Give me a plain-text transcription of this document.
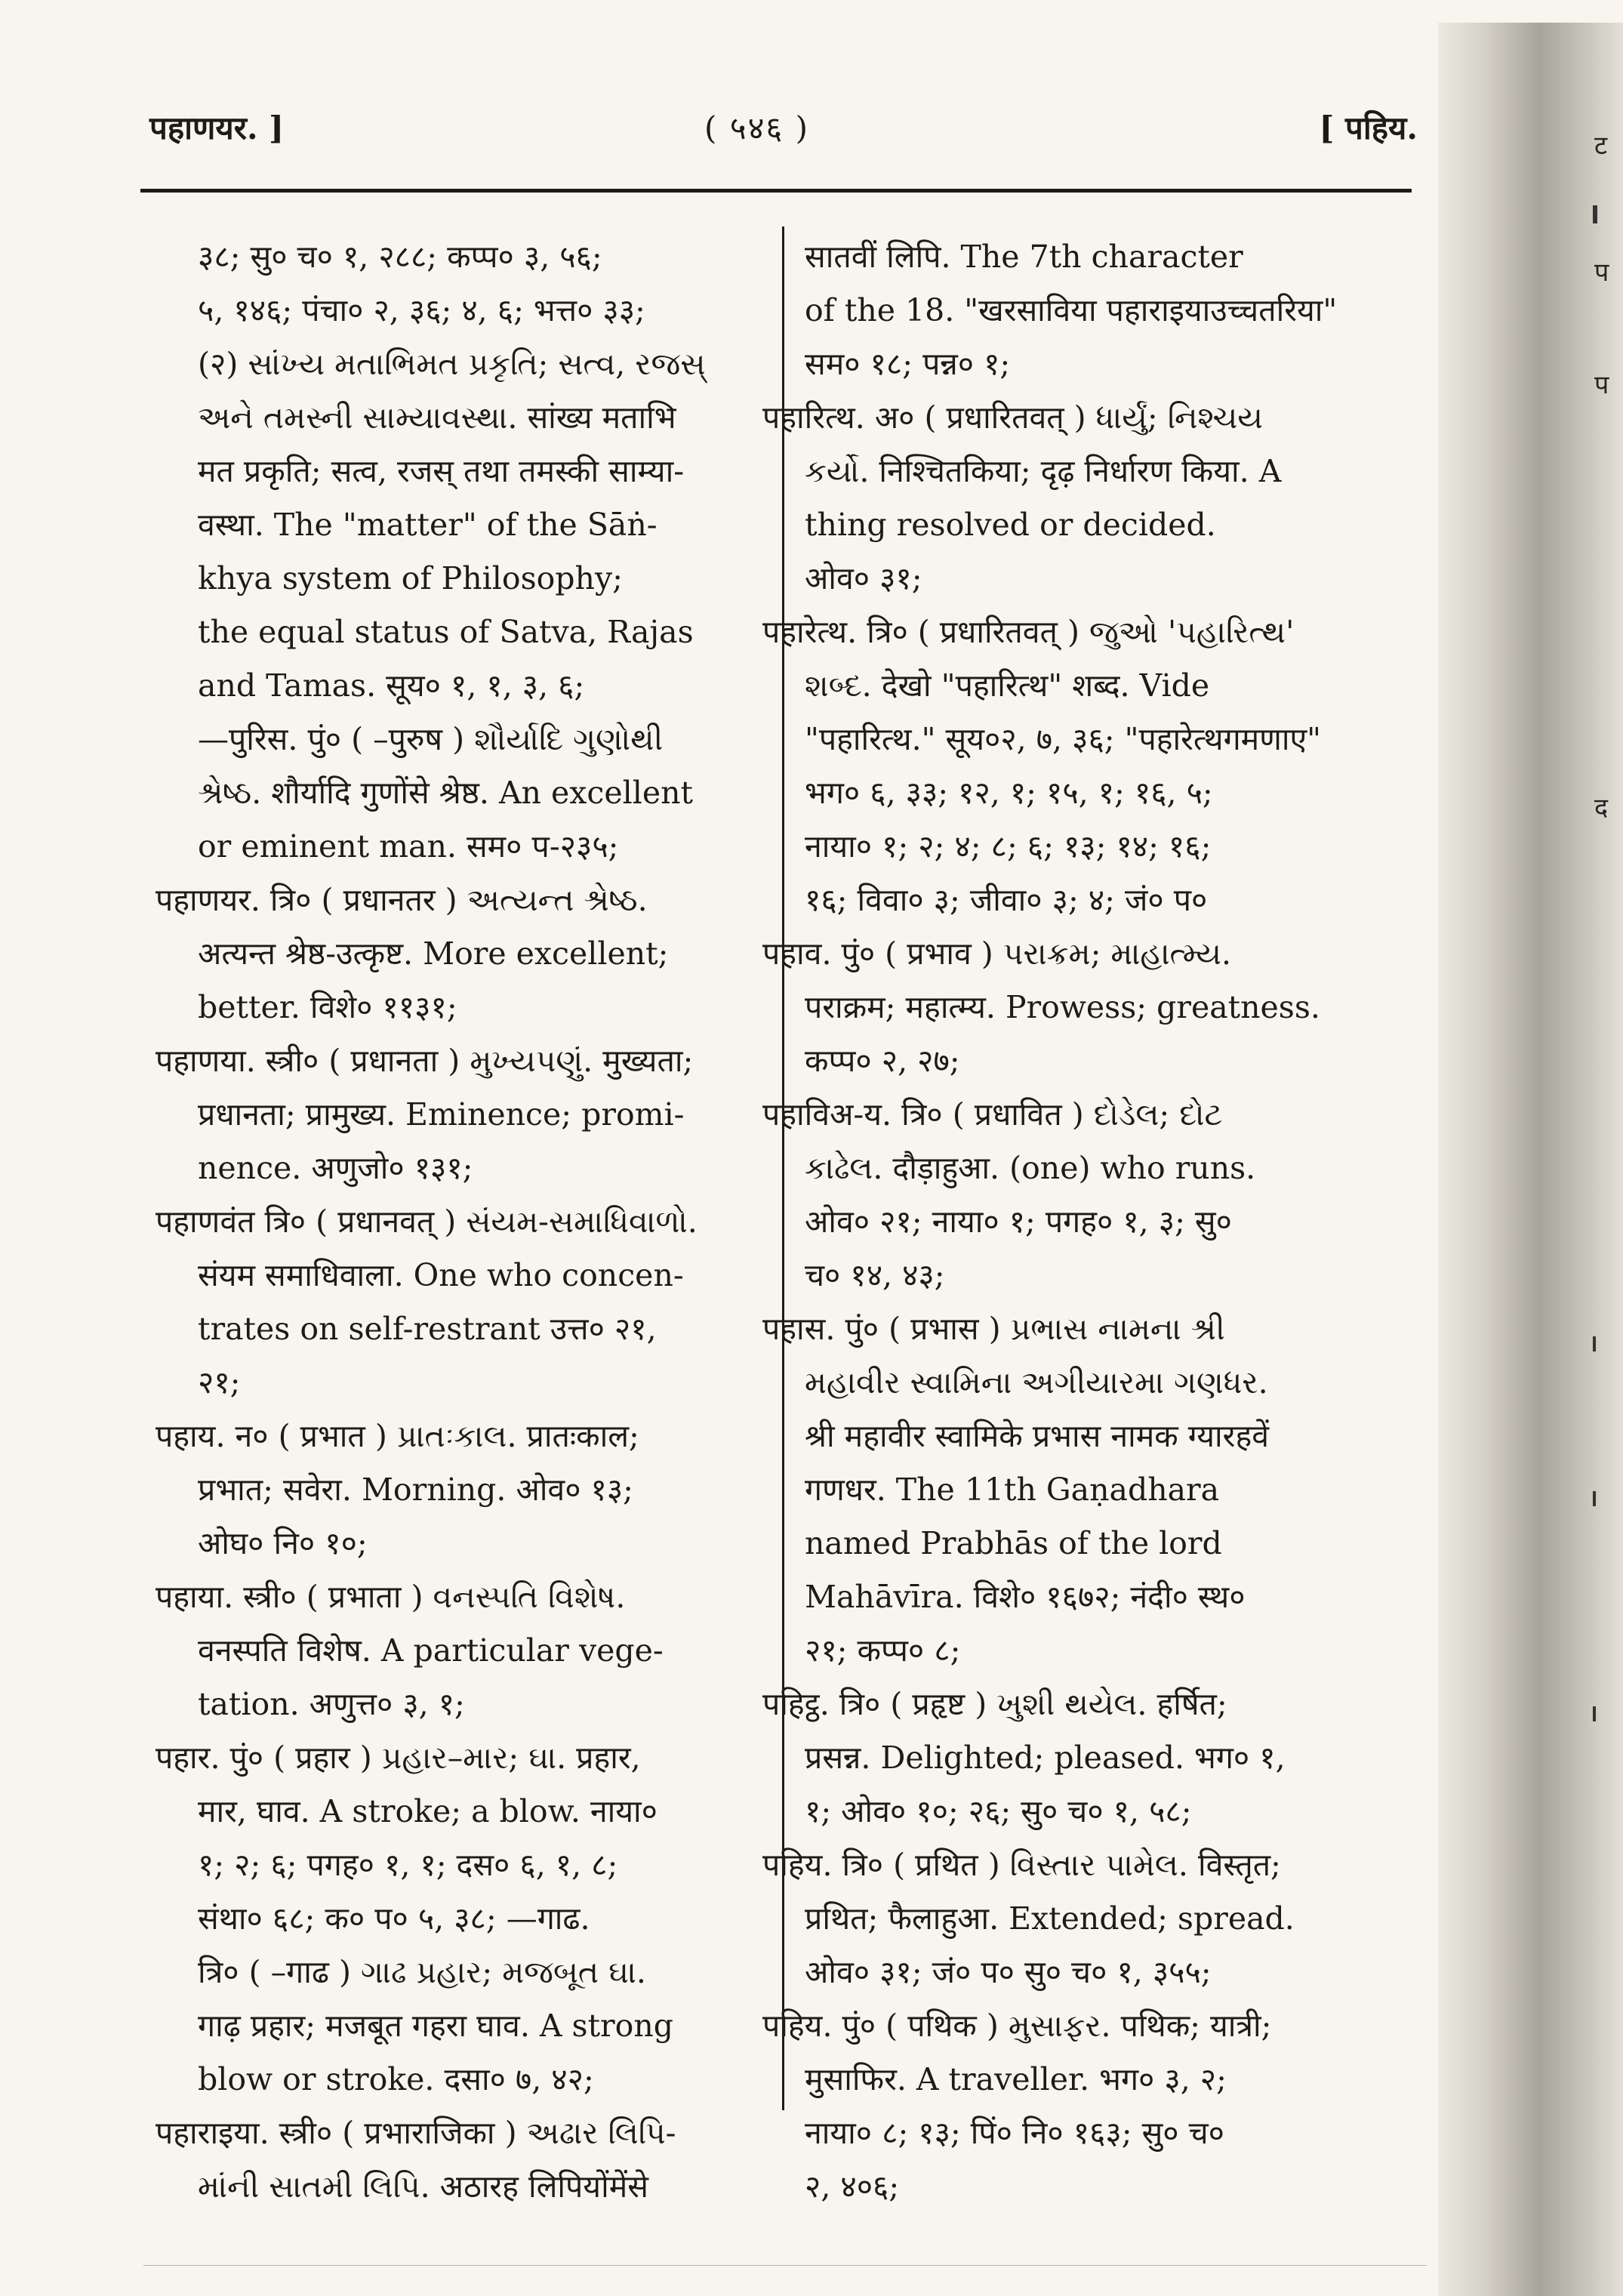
ट
प
प
द
पहाणयर. ]	( ५४६ )	[ पहिय.
३८; सु० च० १, २८८; कप्प० ३, ५६;
५, १४६; पंचा० २, ३६; ४, ६; भत्त० ३३;
(२) સાંખ્ય મતાભિમત પ્રકૃતિ; સત્વ, રજસ્
અને તમસ્ની સામ્યાવસ્થા. सांख्य मताभि
मत प्रकृति; सत्व, रजस् तथा तमस्की साम्या-
वस्था. The "matter" of the Sāṅ-
khya system of Philosophy;
the equal status of Satva, Rajas
and Tamas. सूय० १, १, ३, ६;
—पुरिस. पुं० ( –पुरुष ) શૌર્યાદિ ગુણોથી
શ્રેષ્ઠ. शौर्यादि गुणोंसे श्रेष्ठ. An excellent
or eminent man. सम० प-२३५;
पहाणयर. त्रि० ( प्रधानतर ) અત્યન્ત શ્રેષ્ઠ.
अत्यन्त श्रेष्ठ-उत्कृष्ट. More excellent;
better. विशे० ११३१;
पहाणया. स्त्री० ( प्रधानता ) મુખ્યપણું. मुख्यता;
प्रधानता; प्रामुख्य. Eminence; promi-
nence. अणुजो० १३१;
पहाणवंत त्रि० ( प्रधानवत् ) સંયમ-સમાધિવાળો.
संयम समाधिवाला. One who concen-
trates on self-restrant उत्त० २१,
२१;
पहाय. न० ( प्रभात ) પ્રાતઃકાલ. प्रातःकाल;
प्रभात; सवेरा. Morning. ओव० १३;
ओघ० नि० १०;
पहाया. स्त्री० ( प्रभाता ) વનસ્પતિ વિશેષ.
वनस्पति विशेष. A particular vege-
tation. अणुत्त० ३, १;
पहार. पुं० ( प्रहार ) પ્રહાર–માર; ઘા. प्रहार,
मार, घाव. A stroke; a blow. नाया०
१; २; ६; पगह० १, १; दस० ६, १, ८;
संथा० ६८; क० प० ५, ३८; —गाढ.
त्रि० ( –गाढ ) ગાઢ પ્રહાર; મજબૂત ઘા.
गाढ़ प्रहार; मजबूत गहरा घाव. A strong
blow or stroke. दसा० ७, ४२;
पहाराइया. स्त्री० ( प्रभाराजिका ) અઢાર લિપિ-
માંની સાતમી લિપિ. अठारह लिपियोंमेंसे
सातवीं लिपि. The 7th character
of the 18. "खरसाविया पहाराइयाउच्चतरिया"
सम० १८; पन्न० १;
पहारित्थ. अ० ( प्रधारितवत् ) ધાર્યું; નિશ્ચય
કર્યો. निश्चितकिया; दृढ़ निर्धारण किया. A
thing resolved or decided.
ओव० ३१;
पहारेत्थ. त्रि० ( प्रधारितवत् ) જુઓ 'પહારિત્થ'
શબ્દ. देखो "पहारित्थ" शब्द. Vide
"पहारित्थ." सूय०२, ७, ३६; "पहारेत्थगमणाए"
भग० ६, ३३; १२, १; १५, १; १६, ५;
नाया० १; २; ४; ८; ६; १३; १४; १६;
१६; विवा० ३; जीवा० ३; ४; जं० प०
पहाव. पुं० ( प्रभाव ) પરાક્રમ; માહાત્મ્ય.
पराक्रम; महात्म्य. Prowess; greatness.
कप्प० २, २७;
पहाविअ-य. त्रि० ( प्रधावित ) દોડેલ; દોટ
કાઢેલ. दौड़ाहुआ. (one) who runs.
ओव० २१; नाया० १; पगह० १, ३; सु०
च० १४, ४३;
पहास. पुं० ( प्रभास ) પ્રભાસ નામના શ્રી
મહાવીર સ્વામિના અગીયારમા ગણધર.
श्री महावीर स्वामिके प्रभास नामक ग्यारहवें
गणधर. The 11th Gaṇadhara
named Prabhās of the lord
Mahāvīra. विशे० १६७२; नंदी० स्थ०
२१; कप्प० ८;
पहिट्ठ. त्रि० ( प्रहृष्ट ) ખુશી થયેલ. हर्षित;
प्रसन्न. Delighted; pleased. भग० १,
१; ओव० १०; २६; सु० च० १, ५८;
पहिय. त्रि० ( प्रथित ) વિસ્તાર પામેલ. विस्तृत;
प्रथित; फैलाहुआ. Extended; spread.
ओव० ३१; जं० प० सु० च० १, ३५५;
पहिय. पुं० ( पथिक ) મુસાફર. पथिक; यात्री;
मुसाफिर. A traveller. भग० ३, २;
नाया० ८; १३; पिं० नि० १६३; सु० च०
२, ४०६;
